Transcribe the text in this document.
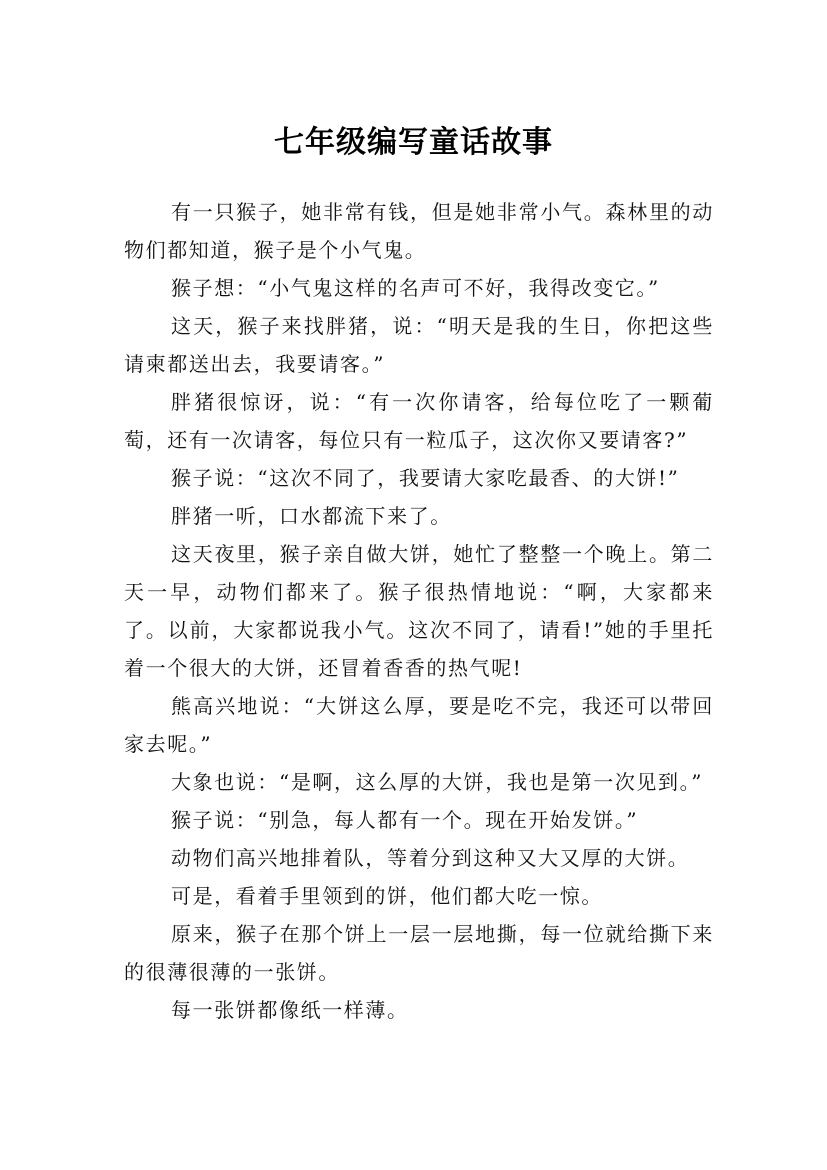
七年级编写童话故事

有一只猴子，她非常有钱，但是她非常小气。森林里的动物们都知道，猴子是个小气鬼。

猴子想：“小气鬼这样的名声可不好，我得改变它。”

这天，猴子来找胖猪，说：“明天是我的生日，你把这些请柬都送出去，我要请客。”

胖猪很惊讶，说：“有一次你请客，给每位吃了一颗葡萄，还有一次请客，每位只有一粒瓜子，这次你又要请客?”

猴子说：“这次不同了，我要请大家吃最香、的大饼!”

胖猪一听，口水都流下来了。

这天夜里，猴子亲自做大饼，她忙了整整一个晚上。第二天一早，动物们都来了。猴子很热情地说：“啊，大家都来了。以前，大家都说我小气。这次不同了，请看!”她的手里托着一个很大的大饼，还冒着香香的热气呢!

熊高兴地说：“大饼这么厚，要是吃不完，我还可以带回家去呢。”

大象也说：“是啊，这么厚的大饼，我也是第一次见到。”

猴子说：“别急，每人都有一个。现在开始发饼。”

动物们高兴地排着队，等着分到这种又大又厚的大饼。

可是，看着手里领到的饼，他们都大吃一惊。

原来，猴子在那个饼上一层一层地撕，每一位就给撕下来的很薄很薄的一张饼。

每一张饼都像纸一样薄。
